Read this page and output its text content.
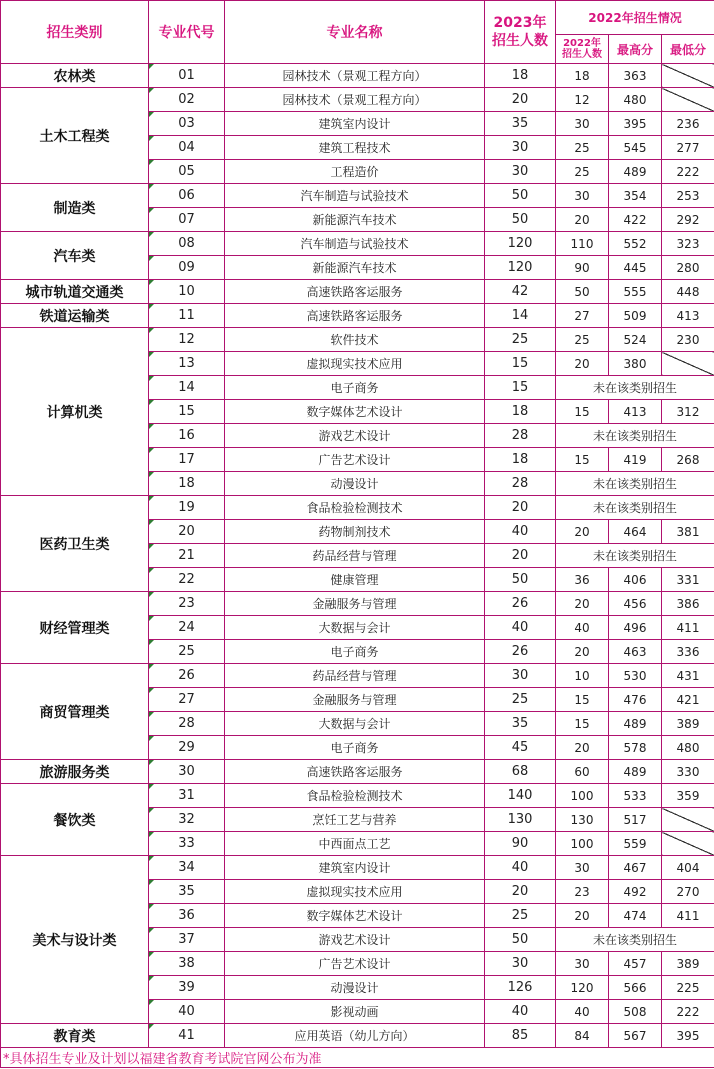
招生类别	专业代号	专业名称	2023年
招生人数	2022年招生情况		

				2022年
招生人数	最高分	最低分
农林类	01	园林技术（景观工程方向）	18	18	363	
土木工程类	02	园林技术（景观工程方向）	20	12	480	
	03	建筑室内设计	35	30	395	236
	04	建筑工程技术	30	25	545	277
	05	工程造价	30	25	489	222
制造类	06	汽车制造与试验技术	50	30	354	253
	07	新能源汽车技术	50	20	422	292
汽车类	08	汽车制造与试验技术	120	110	552	323
	09	新能源汽车技术	120	90	445	280
城市轨道交通类	10	高速铁路客运服务	42	50	555	448
铁道运输类	11	高速铁路客运服务	14	27	509	413
计算机类	12	软件技术	25	25	524	230
	13	虚拟现实技术应用	15	20	380	
	14	电子商务	15	未在该类别招生		
	15	数字媒体艺术设计	18	15	413	312
	16	游戏艺术设计	28	未在该类别招生		
	17	广告艺术设计	18	15	419	268
	18	动漫设计	28	未在该类别招生		
医药卫生类	19	食品检验检测技术	20	未在该类别招生		
	20	药物制剂技术	40	20	464	381
	21	药品经营与管理	20	未在该类别招生		
	22	健康管理	50	36	406	331
财经管理类	23	金融服务与管理	26	20	456	386
	24	大数据与会计	40	40	496	411
	25	电子商务	26	20	463	336
商贸管理类	26	药品经营与管理	30	10	530	431
	27	金融服务与管理	25	15	476	421
	28	大数据与会计	35	15	489	389
	29	电子商务	45	20	578	480
旅游服务类	30	高速铁路客运服务	68	60	489	330
餐饮类	31	食品检验检测技术	140	100	533	359
	32	烹饪工艺与营养	130	130	517	
	33	中西面点工艺	90	100	559	
美术与设计类	34	建筑室内设计	40	30	467	404
	35	虚拟现实技术应用	20	23	492	270
	36	数字媒体艺术设计	25	20	474	411
	37	游戏艺术设计	50	未在该类别招生		
	38	广告艺术设计	30	30	457	389
	39	动漫设计	126	120	566	225
	40	影视动画	40	40	508	222
教育类	41	应用英语（幼儿方向）	85	84	567	395
*具体招生专业及计划以福建省教育考试院官网公布为准						
